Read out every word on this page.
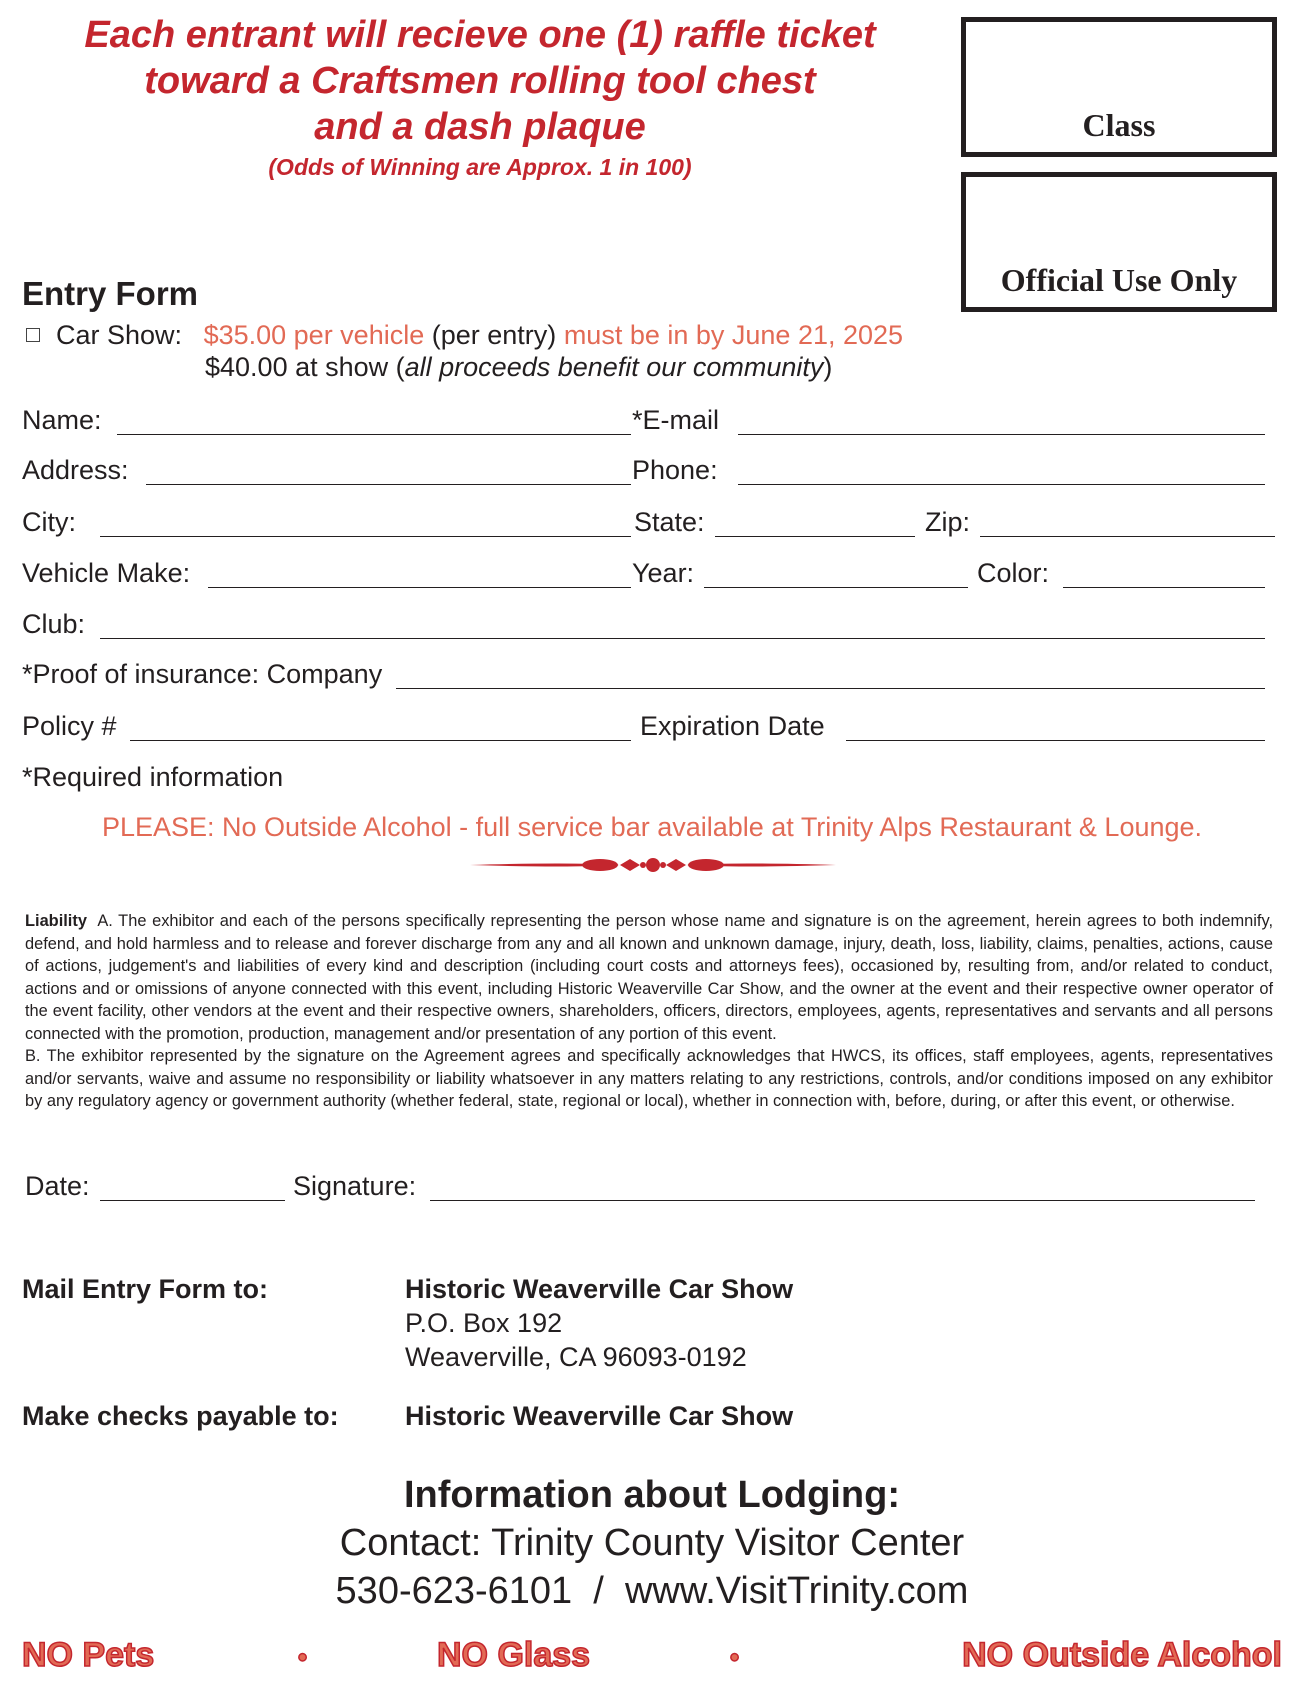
Each entrant will recieve one (1) raffle ticket
toward a Craftsmen rolling tool chest
and a dash plaque
(Odds of Winning are Approx. 1 in 100)
Class
Official Use Only
Entry Form
Car Show: $35.00 per vehicle (per entry) must be in by June 21, 2025
$40.00 at show (all proceeds benefit our community)
Name:	*E-mail
Address:	Phone:
City:	State:	Zip:
Vehicle Make:	Year:	Color:
Club:
*Proof of insurance: Company
Policy #	Expiration Date
*Required information
PLEASE: No Outside Alcohol - full service bar available at Trinity Alps Restaurant & Lounge.
Liability A. The exhibitor and each of the persons specifically representing the person whose name and signature is on the agreement, herein agrees to both indemnify, defend, and hold harmless and to release and forever discharge from any and all known and unknown damage, injury, death, loss, liability, claims, penalties, actions, cause of actions, judgement's and liabilities of every kind and description (including court costs and attorneys fees), occasioned by, resulting from, and/or related to conduct, actions and or omissions of anyone connected with this event, including Historic Weaverville Car Show, and the owner at the event and their respective owner operator of the event facility, other vendors at the event and their respective owners, shareholders, officers, directors, employees, agents, representatives and servants and all persons connected with the promotion, production, management and/or presentation of any portion of this event.
B. The exhibitor represented by the signature on the Agreement agrees and specifically acknowledges that HWCS, its offices, staff employees, agents, representatives and/or servants, waive and assume no responsibility or liability whatsoever in any matters relating to any restrictions, controls, and/or conditions imposed on any exhibitor by any regulatory agency or government authority (whether federal, state, regional or local), whether in connection with, before, during, or after this event, or otherwise.
Date:	Signature:
Mail Entry Form to:	Historic Weaverville Car Show
P.O. Box 192
Weaverville, CA 96093-0192
Make checks payable to: Historic Weaverville Car Show
Information about Lodging:
Contact: Trinity County Visitor Center
530-623-6101  /  www.VisitTrinity.com
NO Pets	•	NO Glass	•	NO Outside Alcohol
